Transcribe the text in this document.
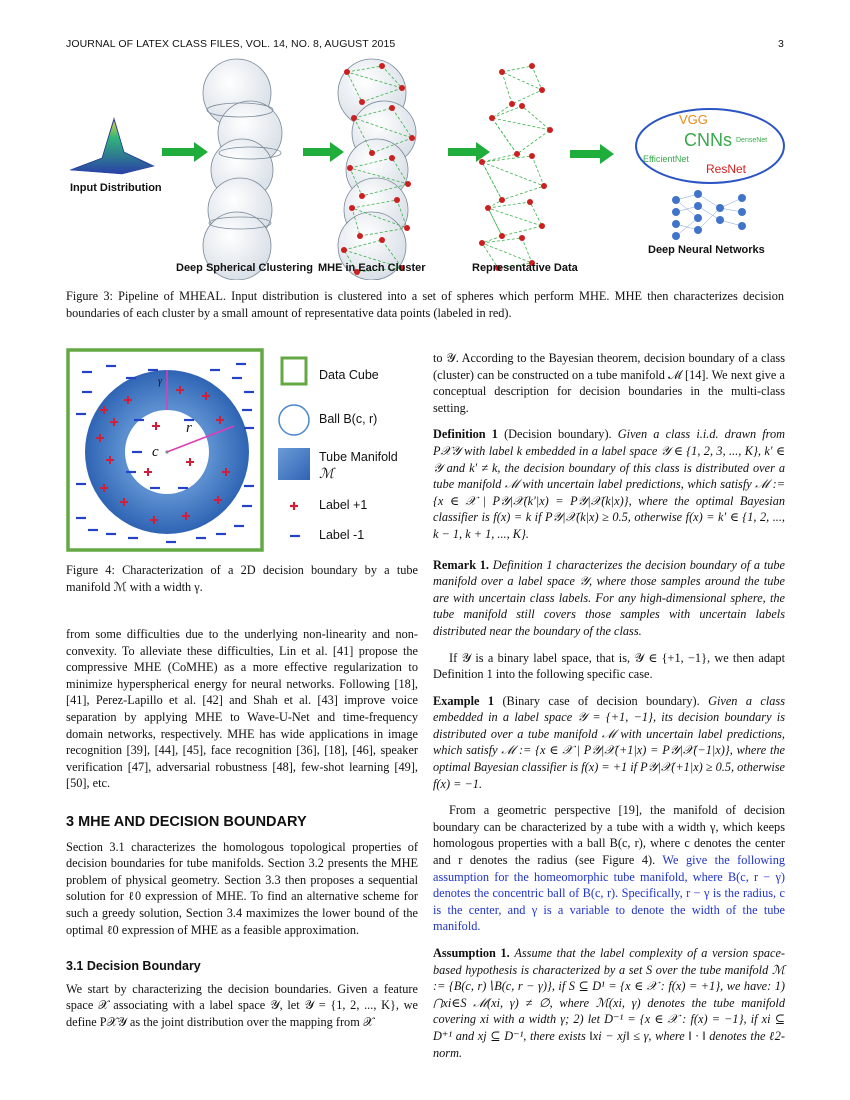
JOURNAL OF LATEX CLASS FILES, VOL. 14, NO. 8, AUGUST 2015	3
Input Distribution
Deep Spherical Clustering MHE in Each Cluster	Representative Data
Deep Neural Networks
VGG
CNNs DenseNet
EfficientNet
ResNet
Figure 3: Pipeline of MHEAL. Input distribution is clustered into a set of spheres which perform MHE. MHE then characterizes decision boundaries of each cluster by a small amount of representative data points (labeled in red).
γ
c
r
Data Cube
Ball B(c, r)
Tube Manifold
ℳ
Label +1
Label -1
Figure 4: Characterization of a 2D decision boundary by a tube manifold ℳ with a width γ.

from some difficulties due to the underlying non-linearity and non-convexity. To alleviate these difficulties, Lin et al. [41] propose the compressive MHE (CoMHE) as a more effective regularization to minimize hyperspherical energy for neural networks. Following [18], [41], Perez-Lapillo et al. [42] and Shah et al. [43] improve voice separation by applying MHE to Wave-U-Net and time-frequency domain networks, respectively. MHE has wide applications in image recognition [39], [44], [45], face recognition [36], [18], [46], speaker verification [47], adversarial robustness [48], few-shot learning [49], [50], etc.

3 MHE AND DECISION BOUNDARY

Section 3.1 characterizes the homologous topological properties of decision boundaries for tube manifolds. Section 3.2 presents the MHE problem of physical geometry. Section 3.3 then proposes a sequential solution for ℓ0 expression of MHE. To find an alternative scheme for such a greedy solution, Section 3.4 maximizes the lower bound of the optimal ℓ0 expression of MHE as a feasible approximation.

3.1 Decision Boundary

We start by characterizing the decision boundaries. Given a feature space 𝒳 associating with a label space 𝒴, let 𝒴 = {1, 2, ..., K}, we define P𝒳𝒴 as the joint distribution over the mapping from 𝒳

to 𝒴. According to the Bayesian theorem, decision boundary of a class (cluster) can be constructed on a tube manifold ℳ [14]. We next give a conceptual description for decision boundaries in the multi-class setting.

Definition 1 (Decision boundary). Given a class i.i.d. drawn from P𝒳𝒴 with label k embedded in a label space 𝒴 ∈ {1, 2, 3, ..., K}, k′ ∈ 𝒴 and k′ ≠ k, the decision boundary of this class is distributed over a tube manifold ℳ with uncertain label predictions, which satisfy ℳ := {x ∈ 𝒳 | P𝒴|𝒳(k′|x) = P𝒴|𝒳(k|x)}, where the optimal Bayesian classifier is f(x) = k if P𝒴|𝒳(k|x) ≥ 0.5, otherwise f(x) = k′ ∈ {1, 2, ..., k − 1, k + 1, ..., K}.

Remark 1. Definition 1 characterizes the decision boundary of a tube manifold over a label space 𝒴, where those samples around the tube are with uncertain class labels. For any high-dimensional sphere, the tube manifold still covers those samples with uncertain labels distributed near the boundary of the class.

If 𝒴 is a binary label space, that is, 𝒴 ∈ {+1, −1}, we then adapt Definition 1 into the following specific case.

Example 1 (Binary case of decision boundary). Given a class embedded in a label space 𝒴 = {+1, −1}, its decision boundary is distributed over a tube manifold ℳ with uncertain label predictions, which satisfy ℳ := {x ∈ 𝒳 | P𝒴|𝒳(+1|x) = P𝒴|𝒳(−1|x)}, where the optimal Bayesian classifier is f(x) = +1 if P𝒴|𝒳(+1|x) ≥ 0.5, otherwise f(x) = −1.

From a geometric perspective [19], the manifold of decision boundary can be characterized by a tube with a width γ, which keeps homologous properties with a ball B(c, r), where c denotes the center and r denotes the radius (see Figure 4). We give the following assumption for the homeomorphic tube manifold, where B(c, r − γ) denotes the concentric ball of B(c, r). Specifically, r − γ is the radius, c is the center, and γ is a variable to denote the width of the tube manifold.

Assumption 1. Assume that the label complexity of a version space-based hypothesis is characterized by a set S over the tube manifold ℳ := {B(c, r)∖B(c, r − γ)}, if S ⊆ D¹ = {x ∈ 𝒳 : f(x) = +1}, we have: 1) ⋂xi∈S ℳ(xi, γ) ≠ ∅, where ℳ(xi, γ) denotes the tube manifold covering xi with a width γ; 2) let D⁻¹ = {x ∈ 𝒳 : f(x) = −1}, if xi ⊆ D⁺¹ and xj ⊆ D⁻¹, there exists ‖xi − xj‖ ≤ γ, where ‖ · ‖ denotes the ℓ2-norm.
